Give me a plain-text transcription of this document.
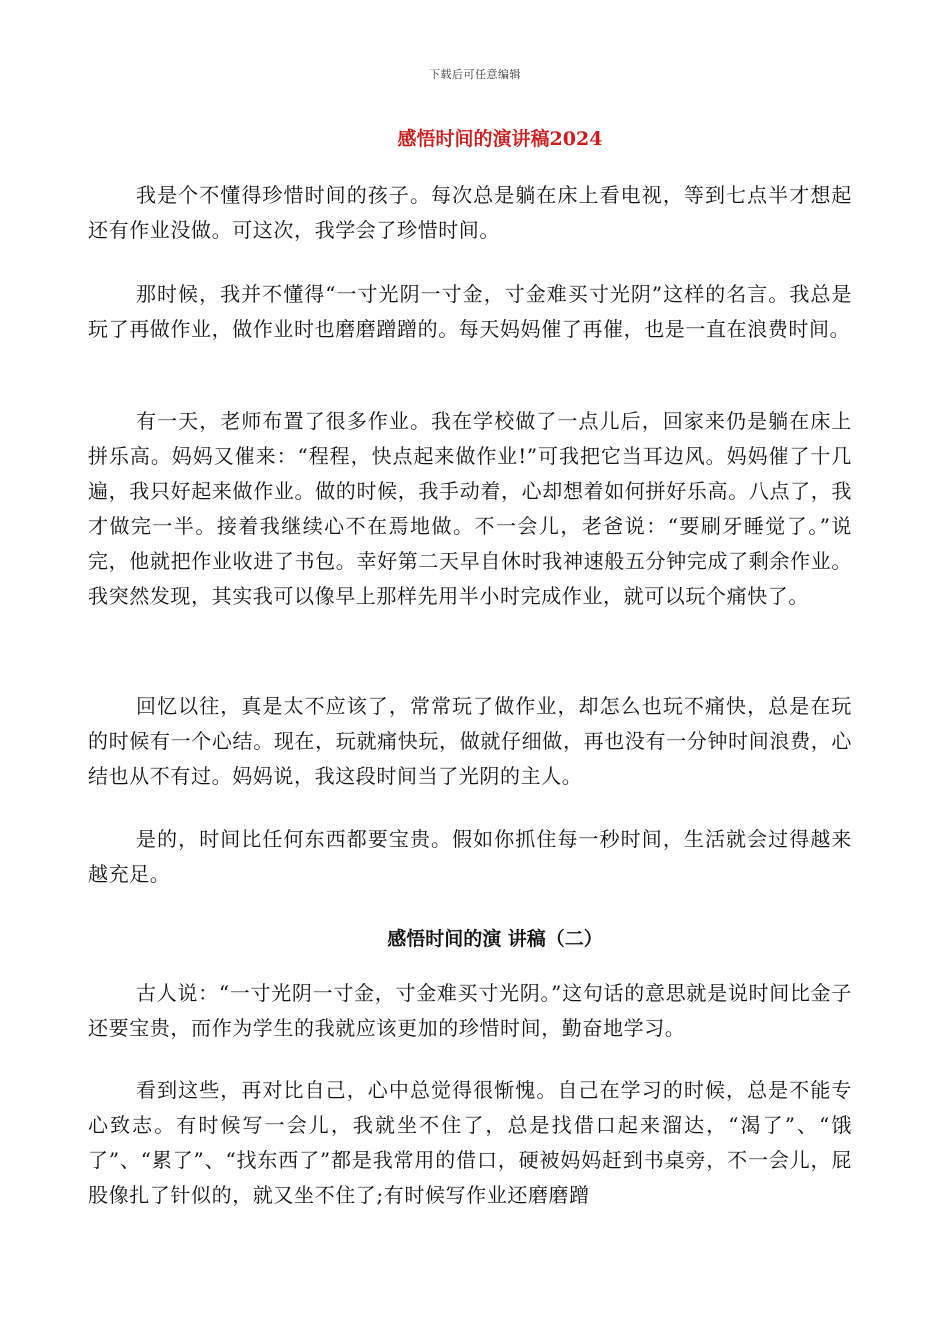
下载后可任意编辑
感悟时间的演讲稿2024

我是个不懂得珍惜时间的孩子。每次总是躺在床上看电视，等到七点半才想起还有作业没做。可这次，我学会了珍惜时间。

那时候，我并不懂得“一寸光阴一寸金，寸金难买寸光阴”这样的名言。我总是玩了再做作业，做作业时也磨磨蹭蹭的。每天妈妈催了再催，也是一直在浪费时间。

有一天，老师布置了很多作业。我在学校做了一点儿后，回家来仍是躺在床上拼乐高。妈妈又催来：“程程，快点起来做作业!”可我把它当耳边风。妈妈催了十几遍，我只好起来做作业。做的时候，我手动着，心却想着如何拼好乐高。八点了，我才做完一半。接着我继续心不在焉地做。不一会儿，老爸说：“要刷牙睡觉了。”说完，他就把作业收进了书包。幸好第二天早自休时我神速般五分钟完成了剩余作业。我突然发现，其实我可以像早上那样先用半小时完成作业，就可以玩个痛快了。

回忆以往，真是太不应该了，常常玩了做作业，却怎么也玩不痛快，总是在玩的时候有一个心结。现在，玩就痛快玩，做就仔细做，再也没有一分钟时间浪费，心结也从不有过。妈妈说，我这段时间当了光阴的主人。

是的，时间比任何东西都要宝贵。假如你抓住每一秒时间，生活就会过得越来越充足。

感悟时间的演 讲稿（二）

古人说：“一寸光阴一寸金，寸金难买寸光阴。”这句话的意思就是说时间比金子还要宝贵，而作为学生的我就应该更加的珍惜时间，勤奋地学习。

看到这些，再对比自己，心中总觉得很惭愧。自己在学习的时候，总是不能专心致志。有时候写一会儿，我就坐不住了，总是找借口起来溜达，“渴了”、“饿了”、“累了”、“找东西了”都是我常用的借口，硬被妈妈赶到书桌旁，不一会儿，屁股像扎了针似的，就又坐不住了;有时候写作业还磨磨蹭
